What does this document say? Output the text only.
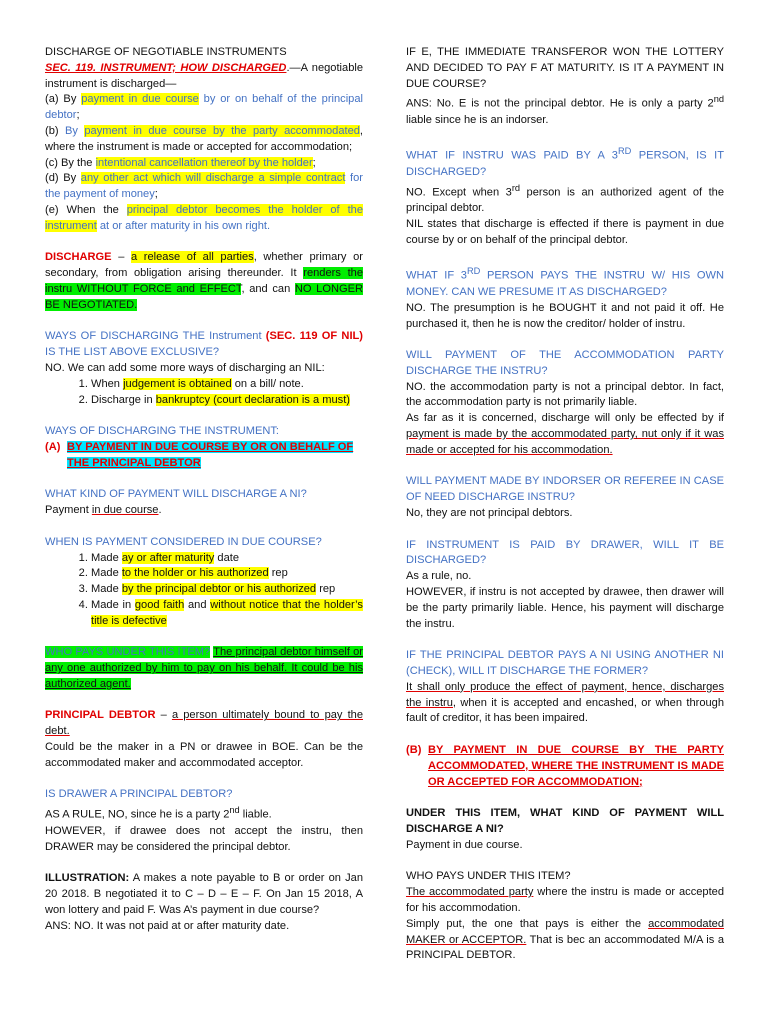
DISCHARGE OF NEGOTIABLE INSTRUMENTS

SEC. 119. INSTRUMENT; HOW DISCHARGED.—A negotiable instrument is discharged—

(a) By payment in due course by or on behalf of the principal debtor;

(b) By payment in due course by the party accommodated, where the instrument is made or accepted for accommodation;

(c) By the intentional cancellation thereof by the holder;

(d) By any other act which will discharge a simple contract for the payment of money;

(e) When the principal debtor becomes the holder of the instrument at or after maturity in his own right.

DISCHARGE – a release of all parties, whether primary or secondary, from obligation arising thereunder. It renders the instru WITHOUT FORCE and EFFECT, and can NO LONGER BE NEGOTIATED.

WAYS OF DISCHARGING THE Instrument (SEC. 119 OF NIL) IS THE LIST ABOVE EXCLUSIVE?

NO. We can add some more ways of discharging an NIL:

1. When judgement is obtained on a bill/ note.
2. Discharge in bankruptcy (court declaration is a must)

WAYS OF DISCHARGING THE INSTRUMENT:

(A) BY PAYMENT IN DUE COURSE BY OR ON BEHALF OF THE PRINCIPAL DEBTOR

WHAT KIND OF PAYMENT WILL DISCHARGE A NI?

Payment in due course.

WHEN IS PAYMENT CONSIDERED IN DUE COURSE?

1. Made ay or after maturity date
2. Made to the holder or his authorized rep
3. Made by the principal debtor or his authorized rep
4. Made in good faith and without notice that the holder’s title is defective

WHO PAYS UNDER THIS ITEM? The principal debtor himself or any one authorized by him to pay on his behalf. It could be his authorized agent.

PRINCIPAL DEBTOR – a person ultimately bound to pay the debt.

Could be the maker in a PN or drawee in BOE. Can be the accommodated maker and accommodated acceptor.

IS DRAWER A PRINCIPAL DEBTOR?

AS A RULE, NO, since he is a party 2nd liable.

HOWEVER, if drawee does not accept the instru, then DRAWER may be considered the principal debtor.

ILLUSTRATION: A makes a note payable to B or order on Jan 20 2018. B negotiated it to C – D – E – F. On Jan 15 2018, A won lottery and paid F. Was A’s payment in due course?

ANS: NO. It was not paid at or after maturity date.

IF E, THE IMMEDIATE TRANSFEROR WON THE LOTTERY AND DECIDED TO PAY F AT MATURITY. IS IT A PAYMENT IN DUE COURSE?

ANS: No. E is not the principal debtor. He is only a party 2nd liable since he is an indorser.

WHAT IF INSTRU WAS PAID BY A 3RD PERSON, IS IT DISCHARGED?

NO. Except when 3rd person is an authorized agent of the principal debtor.

NIL states that discharge is effected if there is payment in due course by or on behalf of the principal debtor.

WHAT IF 3RD PERSON PAYS THE INSTRU W/ HIS OWN MONEY. CAN WE PRESUME IT AS DISCHARGED?

NO. The presumption is he BOUGHT it and not paid it off. He purchased it, then he is now the creditor/ holder of instru.

WILL PAYMENT OF THE ACCOMMODATION PARTY DISCHARGE THE INSTRU?

NO. the accommodation party is not a principal debtor. In fact, the accommodation party is not primarily liable.

As far as it is concerned, discharge will only be effected by if payment is made by the accommodated party, nut only if it was made or accepted for his accommodation.

WILL PAYMENT MADE BY INDORSER OR REFEREE IN CASE OF NEED DISCHARGE INSTRU?

No, they are not principal debtors.

IF INSTRUMENT IS PAID BY DRAWER, WILL IT BE DISCHARGED?

As a rule, no.

HOWEVER, if instru is not accepted by drawee, then drawer will be the party primarily liable. Hence, his payment will discharge the instru.

IF THE PRINCIPAL DEBTOR PAYS A NI USING ANOTHER NI (CHECK), WILL IT DISCHARGE THE FORMER?

It shall only produce the effect of payment, hence, discharges the instru, when it is accepted and encashed, or when through fault of creditor, it has been impaired.

(B) BY PAYMENT IN DUE COURSE BY THE PARTY ACCOMMODATED, WHERE THE INSTRUMENT IS MADE OR ACCEPTED FOR ACCOMMODATION;

UNDER THIS ITEM, WHAT KIND OF PAYMENT WILL DISCHARGE A NI?

Payment in due course.

WHO PAYS UNDER THIS ITEM?

The accommodated party where the instru is made or accepted for his accommodation.

Simply put, the one that pays is either the accommodated MAKER or ACCEPTOR. That is bec an accommodated M/A is a PRINCIPAL DEBTOR.
